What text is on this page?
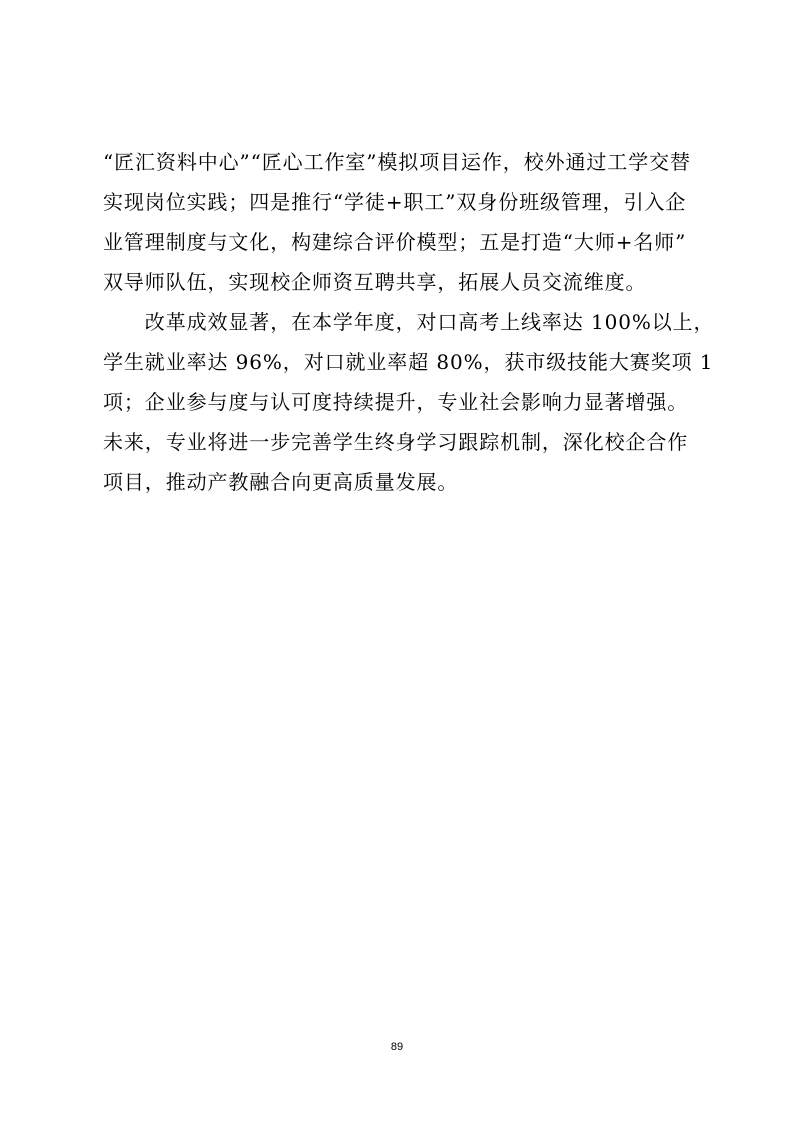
“匠汇资料中心”“匠心工作室”模拟项目运作，校外通过工学交替
实现岗位实践；四是推行“学徒+职工”双身份班级管理，引入企
业管理制度与文化，构建综合评价模型；五是打造“大师+名师”
双导师队伍，实现校企师资互聘共享，拓展人员交流维度。
　　改革成效显著，在本学年度，对口高考上线率达 100%以上，
学生就业率达 96%，对口就业率超 80%，获市级技能大赛奖项 1
项；企业参与度与认可度持续提升，专业社会影响力显著增强。
未来，专业将进一步完善学生终身学习跟踪机制，深化校企合作
项目，推动产教融合向更高质量发展。
89
